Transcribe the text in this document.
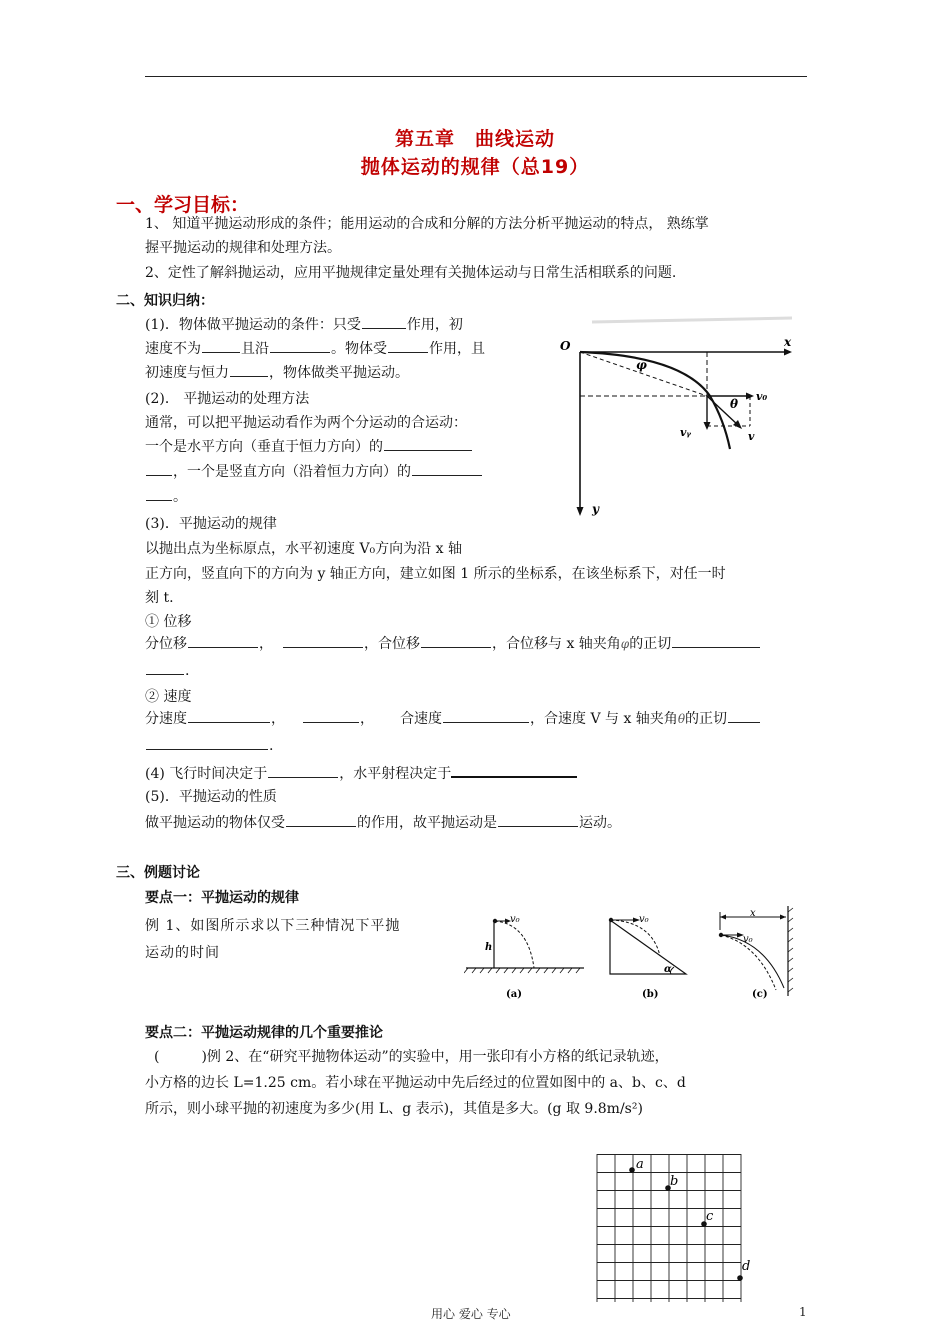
第五章　曲线运动
抛体运动的规律（总19）
一、学习目标：
1、 知道平抛运动形成的条件；能用运动的合成和分解的方法分析平抛运动的特点， 熟练掌
握平抛运动的规律和处理方法。
2、定性了解斜抛运动，应用平抛规律定量处理有关抛体运动与日常生活相联系的问题.
二、知识归纳：
(1)．物体做平抛运动的条件：只受	作用，初
速度不为	且沿	。物体受	作用，且
初速度与恒力	，物体做类平抛运动。
(2)． 平抛运动的处理方法
通常，可以把平抛运动看作为两个分运动的合运动：
一个是水平方向（垂直于恒力方向）的
，一个是竖直方向（沿着恒力方向）的
。
(3)．平抛运动的规律
以抛出点为坐标原点，水平初速度 V₀方向为沿 x 轴
正方向，竖直向下的方向为 y 轴正方向，建立如图 1 所示的坐标系，在该坐标系下，对任一时
刻 t.
① 位移
分位移	，	，合位移	，合位移与 x 轴夹角φ的正切
.
② 速度
分速度	，	， 合速度	，合速度 V 与 x 轴夹角θ的正切
.
(4) 飞行时间决定于	，水平射程决定于
(5)．平抛运动的性质
做平抛运动的物体仅受	的作用，故平抛运动是	运动。
O	x
y
φ
θ
v₀
vᵧ	v
三、例题讨论
要点一：平抛运动的规律
例 1、如图所示求以下三种情况下平抛
运动的时间
v₀
h
(a)
v₀
α
(b)
x
v₀
(c)
要点二：平抛运动规律的几个重要推论
(　　　)例 2、在“研究平抛物体运动”的实验中，用一张印有小方格的纸记录轨迹，
小方格的边长 L=1.25 cm。若小球在平抛运动中先后经过的位置如图中的 a、b、c、d
所示，则小球平抛的初速度为多少(用 L、g 表示)，其值是多大。(g 取 9.8m/s²)
a
b
c
d
用心 爱心 专心	1
